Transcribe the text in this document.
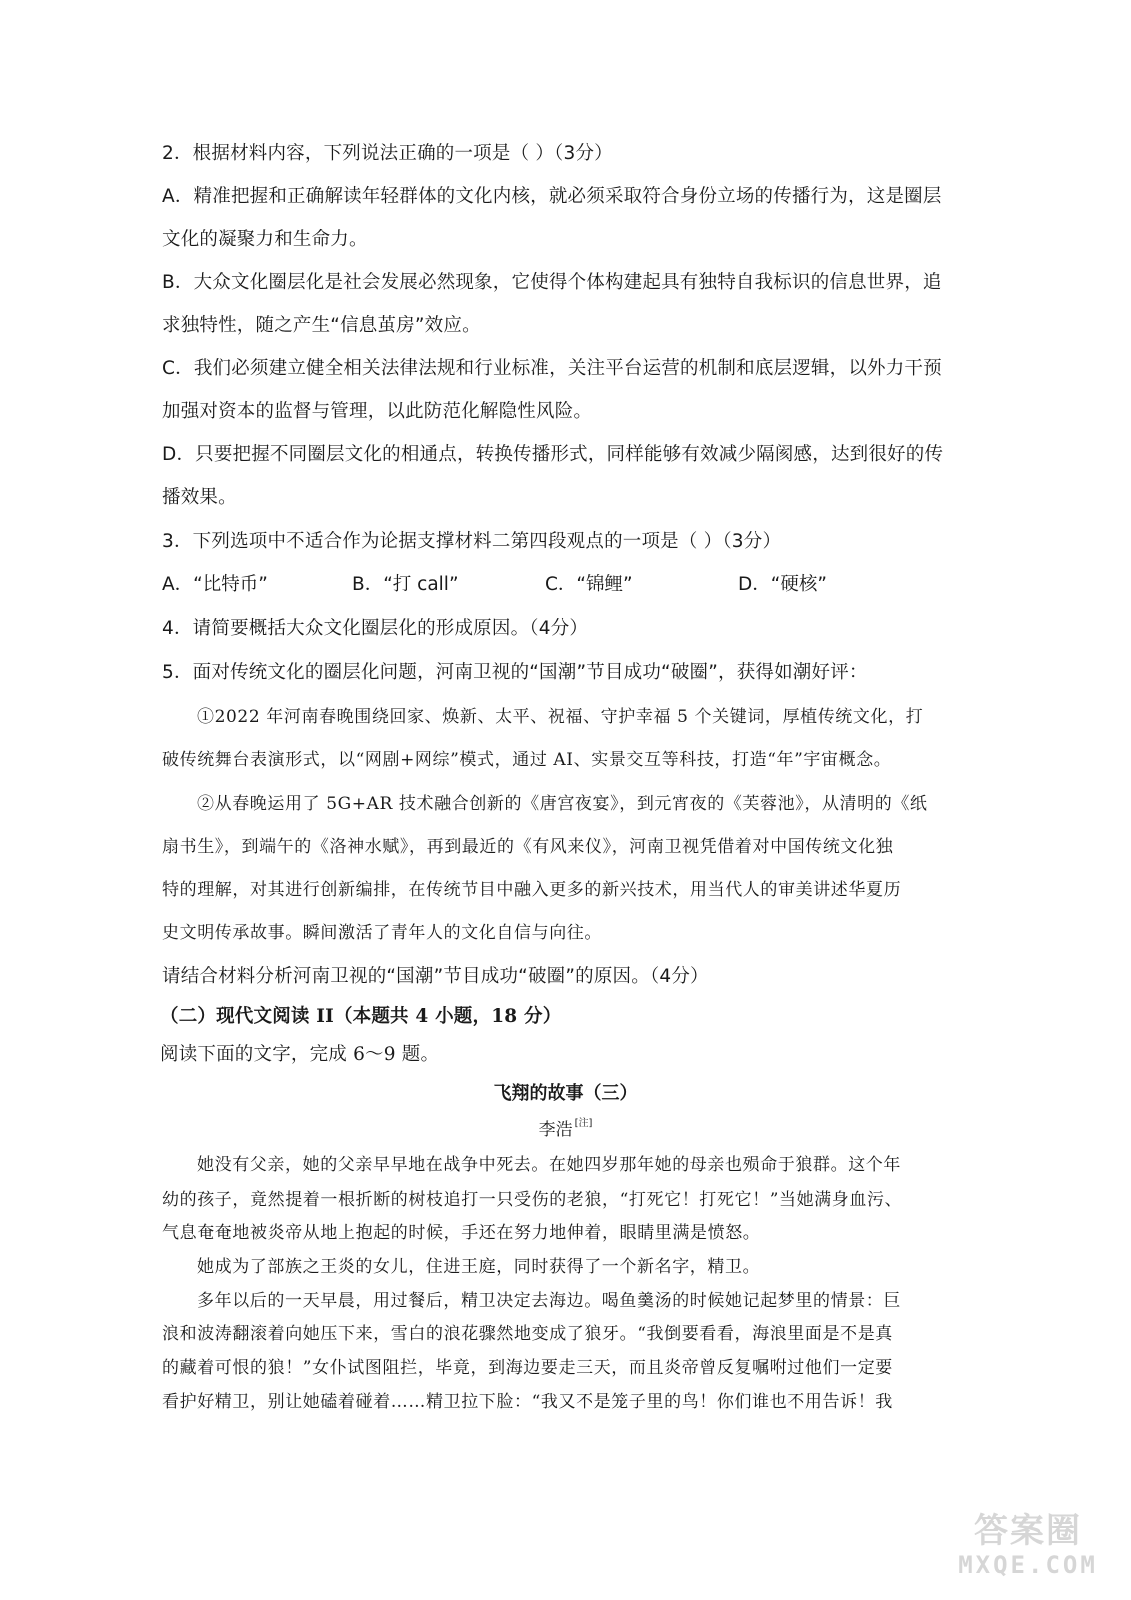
2．根据材料内容，下列说法正确的一项是（ ）（3分）
A．精准把握和正确解读年轻群体的文化内核，就必须采取符合身份立场的传播行为，这是圈层
文化的凝聚力和生命力。
B．大众文化圈层化是社会发展必然现象，它使得个体构建起具有独特自我标识的信息世界，追
求独特性，随之产生“信息茧房”效应。
C．我们必须建立健全相关法律法规和行业标准，关注平台运营的机制和底层逻辑，以外力干预
加强对资本的监督与管理，以此防范化解隐性风险。
D．只要把握不同圈层文化的相通点，转换传播形式，同样能够有效减少隔阂感，达到很好的传
播效果。
3．下列选项中不适合作为论据支撑材料二第四段观点的一项是（ ）（3分）
A．“比特币”	B．“打 call”	C．“锦鲤”	D．“硬核”
4．请简要概括大众文化圈层化的形成原因。（4分）
5．面对传统文化的圈层化问题，河南卫视的“国潮”节目成功“破圈”，获得如潮好评：
①2022 年河南春晚围绕回家、焕新、太平、祝福、守护幸福 5 个关键词，厚植传统文化，打
破传统舞台表演形式，以“网剧+网综”模式，通过 AI、实景交互等科技，打造“年”宇宙概念。
②从春晚运用了 5G+AR 技术融合创新的《唐宫夜宴》，到元宵夜的《芙蓉池》，从清明的《纸
扇书生》，到端午的《洛神水赋》，再到最近的《有风来仪》，河南卫视凭借着对中国传统文化独
特的理解，对其进行创新编排，在传统节目中融入更多的新兴技术，用当代人的审美讲述华夏历
史文明传承故事。瞬间激活了青年人的文化自信与向往。
请结合材料分析河南卫视的“国潮”节目成功“破圈”的原因。（4分）
（二）现代文阅读 II（本题共 4 小题，18 分）
阅读下面的文字，完成 6～9 题。
飞翔的故事（三）
李浩 [注]
她没有父亲，她的父亲早早地在战争中死去。在她四岁那年她的母亲也殒命于狼群。这个年
幼的孩子，竟然提着一根折断的树枝追打一只受伤的老狼，“打死它！打死它！”当她满身血污、
气息奄奄地被炎帝从地上抱起的时候，手还在努力地伸着，眼睛里满是愤怒。
她成为了部族之王炎的女儿，住进王庭，同时获得了一个新名字，精卫。
多年以后的一天早晨，用过餐后，精卫决定去海边。喝鱼羹汤的时候她记起梦里的情景：巨
浪和波涛翻滚着向她压下来，雪白的浪花骤然地变成了狼牙。“我倒要看看，海浪里面是不是真
的藏着可恨的狼！”女仆试图阻拦，毕竟，到海边要走三天，而且炎帝曾反复嘱咐过他们一定要
看护好精卫，别让她磕着碰着……精卫拉下脸：“我又不是笼子里的鸟！你们谁也不用告诉！我
答案圈
MXQE.COM
